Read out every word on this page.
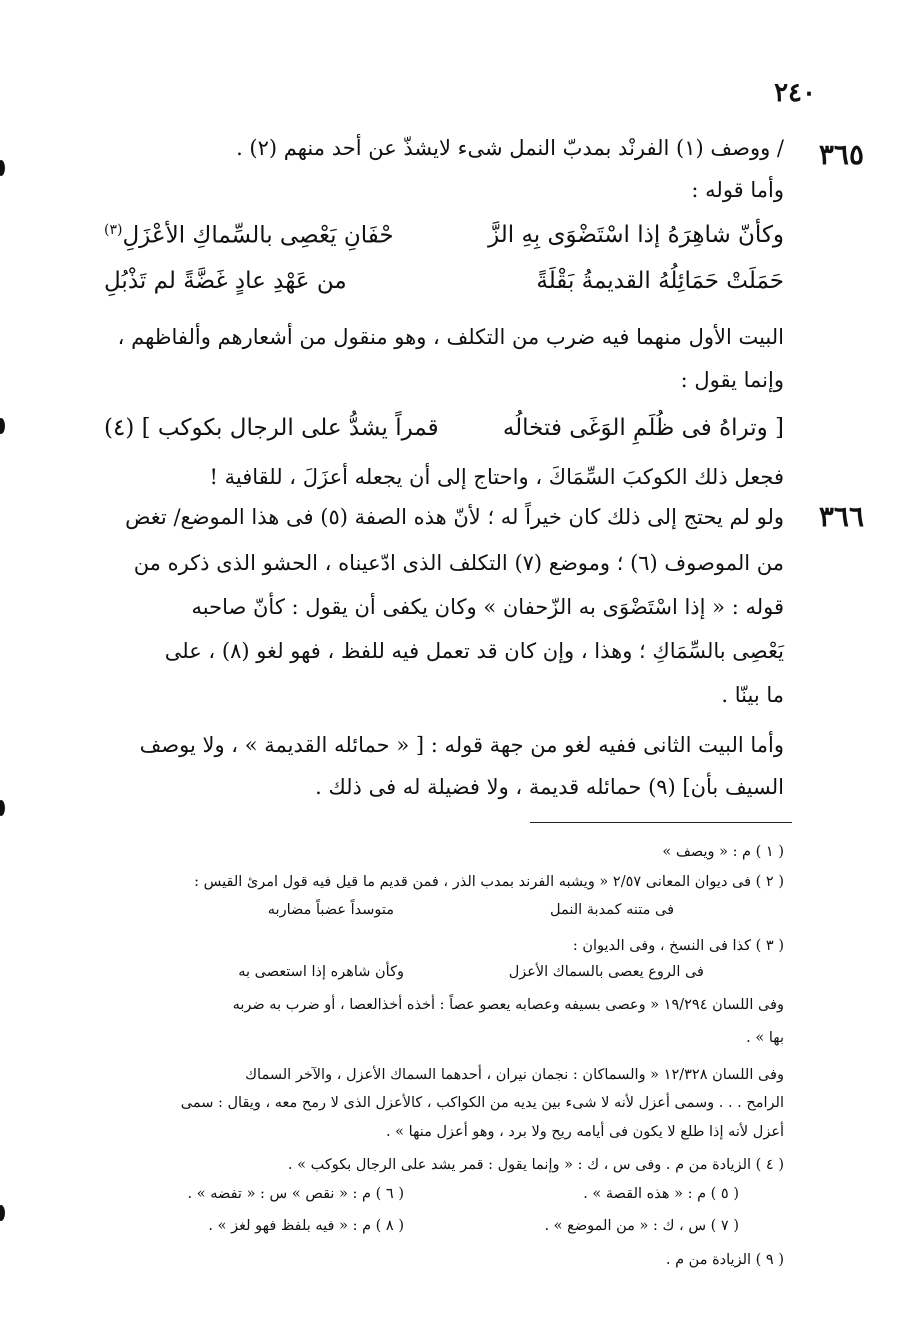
٢٤٠
٣٦٥
٣٦٦
/ ووصف (١) الفرنْد بمدبّ النمل شىء لايشذّ عن أحد منهم (٢) .
وأما قوله :
وكأنّ شاهِرَهُ إذا اسْتَضْوَى بِهِ الزَّ
حْفَانِ يَعْصِى بالسِّماكِ الأعْزَلِ$^{(٣)}$
حَمَلَتْ حَمَائِلُهُ القديمةُ بَقْلَةً
من عَهْدِ عادٍ غَضَّةً لم تَذْبُلِ
البيت الأول منهما فيه ضرب من التكلف ، وهو منقول من أشعارهم وألفاظهم ،
وإنما يقول :
[ وتراهُ فى ظُلَمِ الوَغَى فتخالُه
قمراً يشدُّ على الرجال بكوكب ] (٤)
فجعل ذلك الكوكبَ السِّمَاكَ ، واحتاج إلى أن يجعله أعزَلَ ، للقافية !
ولو لم يحتج إلى ذلك كان خيراً له ؛ لأنّ هذه الصفة (٥) فى هذا الموضع/ تغض
من الموصوف (٦) ؛ وموضع (٧) التكلف الذى ادّعيناه ، الحشو الذى ذكره من
قوله : « إذا اسْتَضْوَى به الزّحفان » وكان يكفى أن يقول : كأنّ صاحبه
يَعْصِى بالسِّمَاكِ ؛ وهذا ، وإن كان قد تعمل فيه للفظ ، فهو لغو (٨) ، على
ما بينّا .
وأما البيت الثانى ففيه لغو من جهة قوله : [ « حمائله القديمة » ، ولا يوصف
السيف بأن] (٩) حمائله قديمة ، ولا فضيلة له فى ذلك .
( ١ ) م : « ويصف »
( ٢ ) فى ديوان المعانى ٢/٥٧ « ويشبه الفرند بمدب الذر ، فمن قديم ما قيل فيه قول امرئ القيس :
متوسداً عضباً مضاربه	فى متنه كمدبة النمل
( ٣ ) كذا فى النسخ ، وفى الديوان :
وكأن شاهره إذا استعصى به	فى الروع يعصى بالسماك الأعزل
وفى اللسان ١٩/٢٩٤ « وعصى بسيفه وعصابه يعصو عصاً : أخذه أخذالعصا ، أو ضرب به ضربه
بها » .
وفى اللسان ١٢/٣٢٨ « والسماكان : نجمان نيران ، أحدهما السماك الأعزل ، والآخر السماك
الرامح . . . وسمى أعزل لأنه لا شىء بين يديه من الكواكب ، كالأعزل الذى لا رمح معه ، ويقال : سمى
أعزل لأنه إذا طلع لا يكون فى أيامه ريح ولا برد ، وهو أعزل منها » .
( ٤ ) الزيادة من م . وفى س ، ك : « وإنما يقول : قمر يشد على الرجال بكوكب » .
( ٥ ) م : « هذه القصة » .
( ٦ ) م : « نقص » س : « تفضه » .
( ٧ ) س ، ك : « من الموضع » .
( ٨ ) م : « فيه بلفظ فهو لغز » .
( ٩ ) الزيادة من م .
